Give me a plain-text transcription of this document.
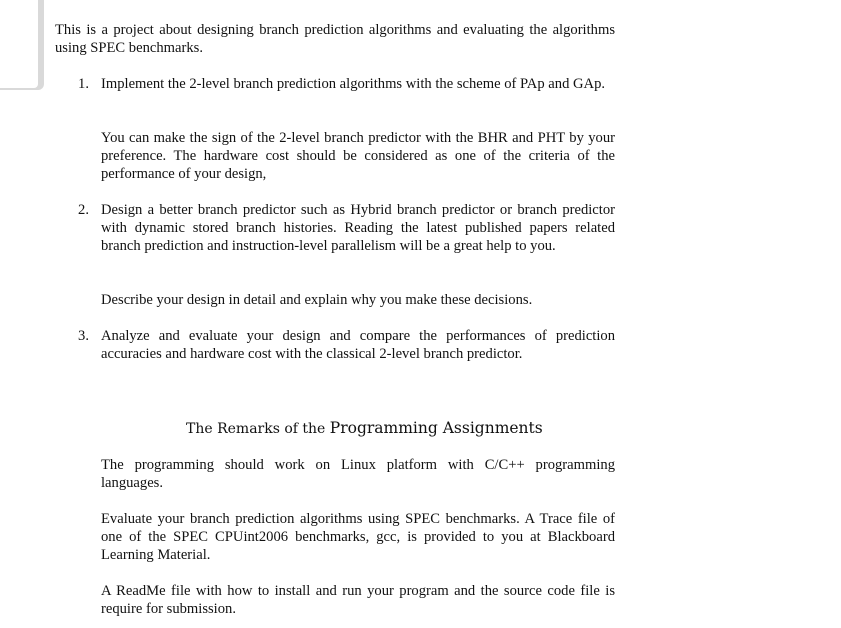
This is a project about designing branch prediction algorithms and evaluating the algorithms using SPEC benchmarks.

1. Implement the 2-level branch prediction algorithms with the scheme of PAp and GAp.

You can make the sign of the 2-level branch predictor with the BHR and PHT by your preference. The hardware cost should be considered as one of the criteria of the performance of your design,

2. Design a better branch predictor such as Hybrid branch predictor or branch predictor with dynamic stored branch histories. Reading the latest published papers related branch prediction and instruction-level parallelism will be a great help to you.

Describe your design in detail and explain why you make these decisions.

3. Analyze and evaluate your design and compare the performances of prediction accuracies and hardware cost with the classical 2-level branch predictor.

The Remarks of the Programming Assignments

The programming should work on Linux platform with C/C++ programming languages.

Evaluate your branch prediction algorithms using SPEC benchmarks. A Trace file of one of the SPEC CPUint2006 benchmarks, gcc, is provided to you at Blackboard Learning Material.

A ReadMe file with how to install and run your program and the source code file is require for submission.
